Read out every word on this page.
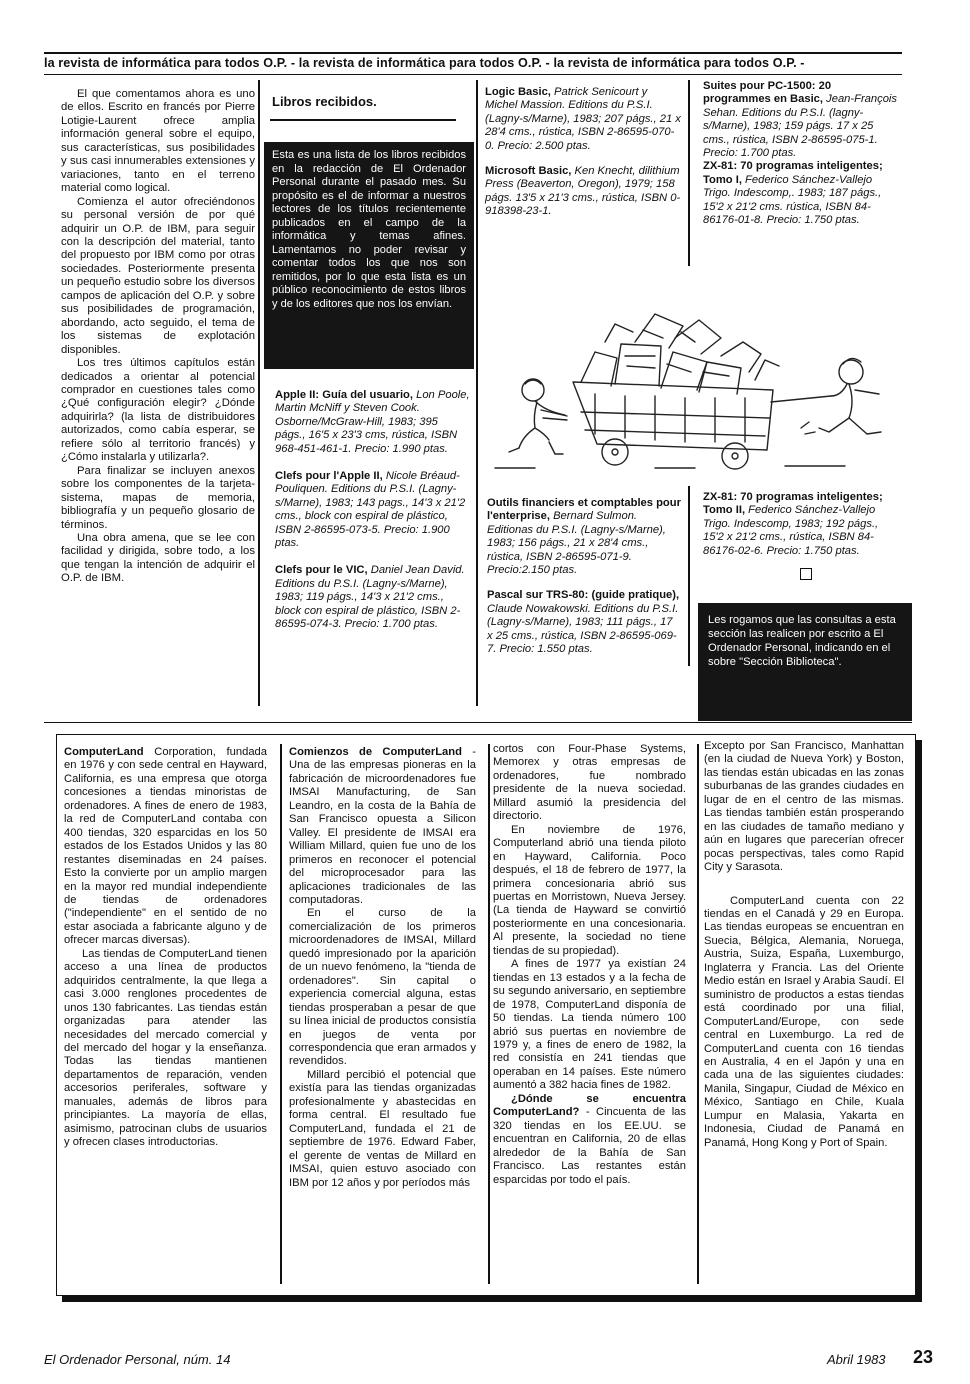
la revista de informática para todos O.P. - la revista de informática para todos O.P. - la revista de informática para todos O.P. -

El que comentamos ahora es uno de ellos. Escrito en francés por Pierre Lotigie-Laurent ofrece amplia información general sobre el equipo, sus características, sus posibilidades y sus casi innumerables extensiones y variaciones, tanto en el terreno material como logical.

Comienza el autor ofreciéndonos su personal versión de por qué adquirir un O.P. de IBM, para seguir con la descripción del material, tanto del propuesto por IBM como por otras sociedades. Posteriormente presenta un pequeño estudio sobre los diversos campos de aplicación del O.P. y sobre sus posibilidades de programación, abordando, acto seguido, el tema de los sistemas de explotación disponibles.

Los tres últimos capítulos están dedicados a orientar al potencial comprador en cuestiones tales como ¿Qué configuración elegir? ¿Dónde adquirirla? (la lista de distribuidores autorizados, como cabía esperar, se refiere sólo al territorio francés) y ¿Cómo instalarla y utilizarla?.

Para finalizar se incluyen anexos sobre los componentes de la tarjeta-sistema, mapas de memoria, bibliografía y un pequeño glosario de términos.

Una obra amena, que se lee con facilidad y dirigida, sobre todo, a los que tengan la intención de adquirir el O.P. de IBM.

Libros recibidos.
Esta es una lista de los libros recibidos en la redacción de El Ordenador Personal durante el pasado mes. Su propósito es el de informar a nuestros lectores de los títulos recientemente publicados en el campo de la informática y temas afines. Lamentamos no poder revisar y comentar todos los que nos son remitidos, por lo que esta lista es un público reconocimiento de estos libros y de los editores que nos los envían.

Apple II: Guía del usuario, Lon Poole, Martin McNiff y Steven Cook. Osborne/McGraw-Hill, 1983; 395 págs., 16'5 x 23'3 cms, rústica, ISBN 968-451-461-1. Precio: 1.990 ptas.

Clefs pour l'Apple II, Nicole Bréaud-Pouliquen. Editions du P.S.I. (Lagny-s/Marne), 1983; 143 pags., 14'3 x 21'2 cms., block con espiral de plástico, ISBN 2-86595-073-5. Precio: 1.900 ptas.

Clefs pour le VIC, Daniel Jean David. Editions du P.S.I. (Lagny-s/Marne), 1983; 119 págs., 14'3 x 21'2 cms., block con espiral de plástico, ISBN 2-86595-074-3. Precio: 1.700 ptas.

Logic Basic, Patrick Senicourt y Michel Massion. Editions du P.S.I. (Lagny-s/Marne), 1983; 207 págs., 21 x 28'4 cms., rústica, ISBN 2-86595-070-0. Precio: 2.500 ptas.

Microsoft Basic, Ken Knecht, dilithium Press (Beaverton, Oregon), 1979; 158 págs. 13'5 x 21'3 cms., rústica, ISBN 0-918398-23-1.

Outils financiers et comptables pour l'enterprise, Bernard Sulmon. Editionas du P.S.I. (Lagny-s/Marne), 1983; 156 págs., 21 x 28'4 cms., rústica, ISBN 2-86595-071-9. Precio:2.150 ptas.

Pascal sur TRS-80: (guide pratique), Claude Nowakowski. Editions du P.S.I. (Lagny-s/Marne), 1983; 111 págs., 17 x 25 cms., rústica, ISBN 2-86595-069-7. Precio: 1.550 ptas.

Suites pour PC-1500: 20 programmes en Basic, Jean-François Sehan. Editions du P.S.I. (lagny-s/Marne), 1983; 159 págs. 17 x 25 cms., rústica, ISBN 2-86595-075-1. Precio: 1.700 ptas.

ZX-81: 70 programas inteligentes; Tomo I, Federico Sánchez-Vallejo Trigo. Indescomp,. 1983; 187 págs., 15'2 x 21'2 cms. rústica, ISBN 84-86176-01-8. Precio: 1.750 ptas.

ZX-81: 70 programas inteligentes; Tomo II, Federico Sánchez-Vallejo Trigo. Indescomp, 1983; 192 págs., 15'2 x 21'2 cms., rústica, ISBN 84-86176-02-6. Precio: 1.750 ptas.

Les rogamos que las consultas a esta sección las realicen por escrito a El Ordenador Personal, indicando en el sobre "Sección Biblioteca".

ComputerLand Corporation, fundada en 1976 y con sede central en Hayward, California, es una empresa que otorga concesiones a tiendas minoristas de ordenadores. A fines de enero de 1983, la red de ComputerLand contaba con 400 tiendas, 320 esparcidas en los 50 estados de los Estados Unidos y las 80 restantes diseminadas en 24 países. Esto la convierte por un amplio margen en la mayor red mundial independiente de tiendas de ordenadores ("independiente" en el sentido de no estar asociada a fabricante alguno y de ofrecer marcas diversas).

Las tiendas de ComputerLand tienen acceso a una línea de productos adquiridos centralmente, la que llega a casi 3.000 renglones procedentes de unos 130 fabricantes. Las tiendas están organizadas para atender las necesidades del mercado comercial y del mercado del hogar y la enseñanza. Todas las tiendas mantienen departamentos de reparación, venden accesorios periferales, software y manuales, además de libros para principiantes. La mayoría de ellas, asimismo, patrocinan clubs de usuarios y ofrecen clases introductorias.

Comienzos de ComputerLand - Una de las empresas pioneras en la fabricación de microordenadores fue IMSAI Manufacturing, de San Leandro, en la costa de la Bahía de San Francisco opuesta a Silicon Valley. El presidente de IMSAI era William Millard, quien fue uno de los primeros en reconocer el potencial del microprocesador para las aplicaciones tradicionales de las computadoras.

En el curso de la comercialización de los primeros microordenadores de IMSAI, Millard quedó impresionado por la aparición de un nuevo fenómeno, la "tienda de ordenadores". Sin capital o experiencia comercial alguna, estas tiendas prosperaban a pesar de que su línea inicial de productos consistía en juegos de venta por correspondencia que eran armados y revendidos.

Millard percibió el potencial que existía para las tiendas organizadas profesionalmente y abastecidas en forma central. El resultado fue ComputerLand, fundada el 21 de septiembre de 1976. Edward Faber, el gerente de ventas de Millard en IMSAI, quien estuvo asociado con IBM por 12 años y por períodos más

cortos con Four-Phase Systems, Memorex y otras empresas de ordenadores, fue nombrado presidente de la nueva sociedad. Millard asumió la presidencia del directorio.

En noviembre de 1976, Computerland abrió una tienda piloto en Hayward, California. Poco después, el 18 de febrero de 1977, la primera concesionaria abrió sus puertas en Morristown, Nueva Jersey. (La tienda de Hayward se convirtió posteriormente en una concesionaria. Al presente, la sociedad no tiene tiendas de su propiedad).

A fines de 1977 ya existían 24 tiendas en 13 estados y a la fecha de su segundo aniversario, en septiembre de 1978, ComputerLand disponía de 50 tiendas. La tienda número 100 abrió sus puertas en noviembre de 1979 y, a fines de enero de 1982, la red consistía en 241 tiendas que operaban en 14 países. Este número aumentó a 382 hacia fines de 1982.

¿Dónde se encuentra ComputerLand? - Cincuenta de las 320 tiendas en los EE.UU. se encuentran en California, 20 de ellas alrededor de la Bahía de San Francisco. Las restantes están esparcidas por todo el país.

Excepto por San Francisco, Manhattan (en la ciudad de Nueva York) y Boston, las tiendas están ubicadas en las zonas suburbanas de las grandes ciudades en lugar de en el centro de las mismas. Las tiendas también están prosperando en las ciudades de tamaño mediano y aún en lugares que parecerían ofrecer pocas perspectivas, tales como Rapid City y Sarasota.

ComputerLand cuenta con 22 tiendas en el Canadá y 29 en Europa. Las tiendas europeas se encuentran en Suecia, Bélgica, Alemania, Noruega, Austria, Suiza, España, Luxemburgo, Inglaterra y Francia. Las del Oriente Medio están en Israel y Arabia Saudí. El suministro de productos a estas tiendas está coordinado por una filial, ComputerLand/Europe, con sede central en Luxemburgo. La red de ComputerLand cuenta con 16 tiendas en Australia, 4 en el Japón y una en cada una de las siguientes ciudades: Manila, Singapur, Ciudad de México en México, Santiago en Chile, Kuala Lumpur en Malasia, Yakarta en Indonesia, Ciudad de Panamá en Panamá, Hong Kong y Port of Spain.

El Ordenador Personal, núm. 14	Abril 1983 23
